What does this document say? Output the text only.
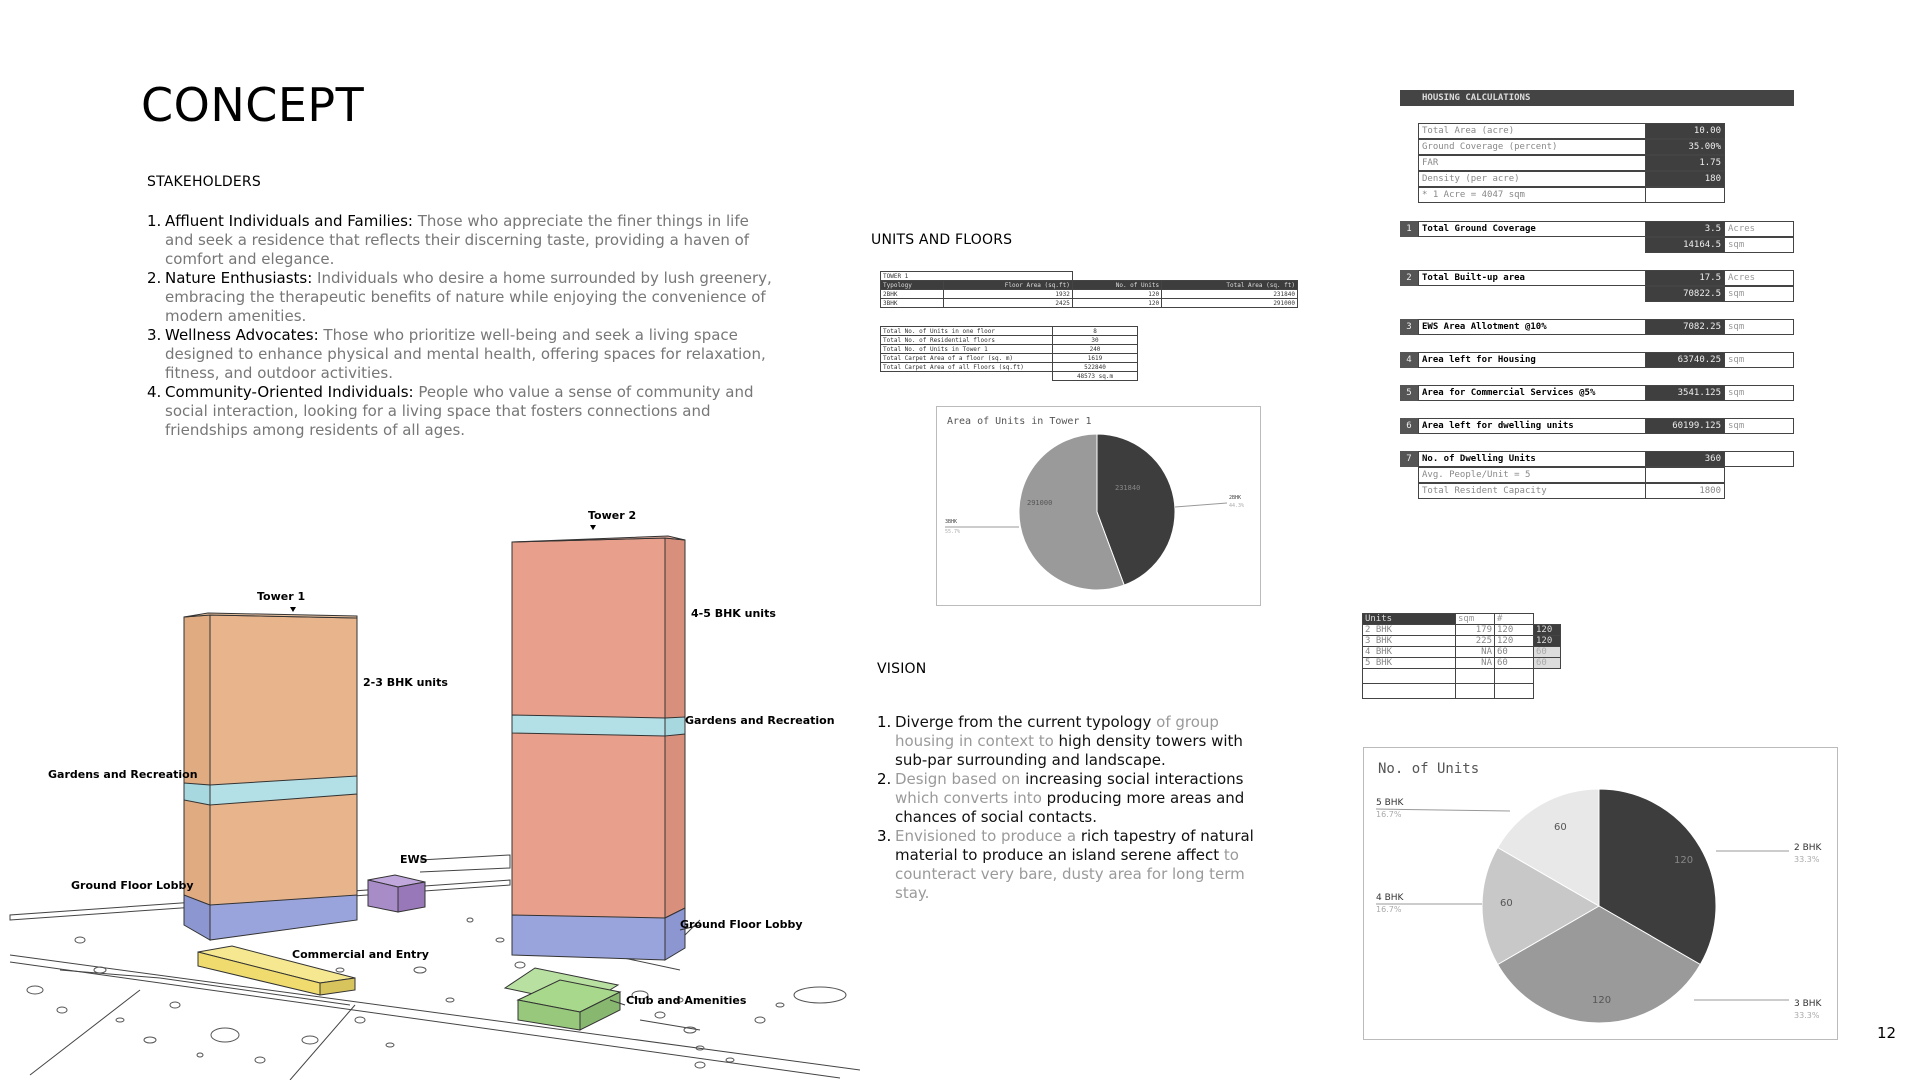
CONCEPT
STAKEHOLDERS
1. Affluent Individuals and Families: Those who appreciate the finer things in life and seek a residence that reflects their discerning taste, providing a haven of comfort and elegance.
2. Nature Enthusiasts: Individuals who desire a home surrounded by lush greenery, embracing the therapeutic benefits of nature while enjoying the convenience of modern amenities.
3. Wellness Advocates: Those who prioritize well-being and seek a living space designed to enhance physical and mental health, offering spaces for relaxation, fitness, and outdoor activities.
4. Community-Oriented Individuals: People who value a sense of community and social interaction, looking for a living space that fosters connections and friendships among residents of all ages.
Tower 1
Tower 2
2-3 BHK units
4-5 BHK units
Gardens and Recreation
Gardens and Recreation
Ground Floor Lobby
Ground Floor Lobby
EWS
Commercial and Entry
Club and Amenities
UNITS AND FLOORS
TOWER 1			
Typology	Floor Area (sq.ft)	No. of Units	Total Area (sq. ft)
2BHK	1932	120	231840
3BHK	2425	120	291000
Total No. of Units in one floor	8
Total No. of Residential floors	30
Total No. of Units in Tower 1	240
Total Carpet Area of a floor (sq. m)	1619
Total Carpet Area of all Floors (sq.ft)	522840
	48573 sq.m
Area of Units in Tower 1
231840
291000
2BHK
44.3%
3BHK
55.7%
VISION
1. Diverge from the current typology of group housing in context to high density towers with sub-par surrounding and landscape.
2. Design based on increasing social interactions which converts into producing more areas and chances of social contacts.
3. Envisioned to produce a rich tapestry of natural material to produce an island serene affect to counteract very bare, dusty area for long term stay.
HOUSING CALCULATIONS
Total Area (acre)	10.00
Ground Coverage (percent)	35.00%
FAR	1.75
Density (per acre)	180
* 1 Acre = 4047 sqm
1	Total Ground Coverage	3.5 Acres
14164.5 sqm
2	Total Built-up area	17.5 Acres
70822.5 sqm
3	EWS Area Allotment @10%	7082.25 sqm
4	Area left for Housing	63740.25 sqm
5	Area for Commercial Services @5%	3541.125 sqm
6	Area left for dwelling units	60199.125 sqm
7	No. of Dwelling Units	360
Avg. People/Unit = 5
Total Resident Capacity	1800
Units	sqm	#	
2 BHK	179	120	120
3 BHK	225	120	120
4 BHK	NA	60	60
5 BHK	NA	60	60

No. of Units
120
120
60
60
2 BHK
33.3%
3 BHK
33.3%
4 BHK
16.7%
5 BHK
16.7%
12
